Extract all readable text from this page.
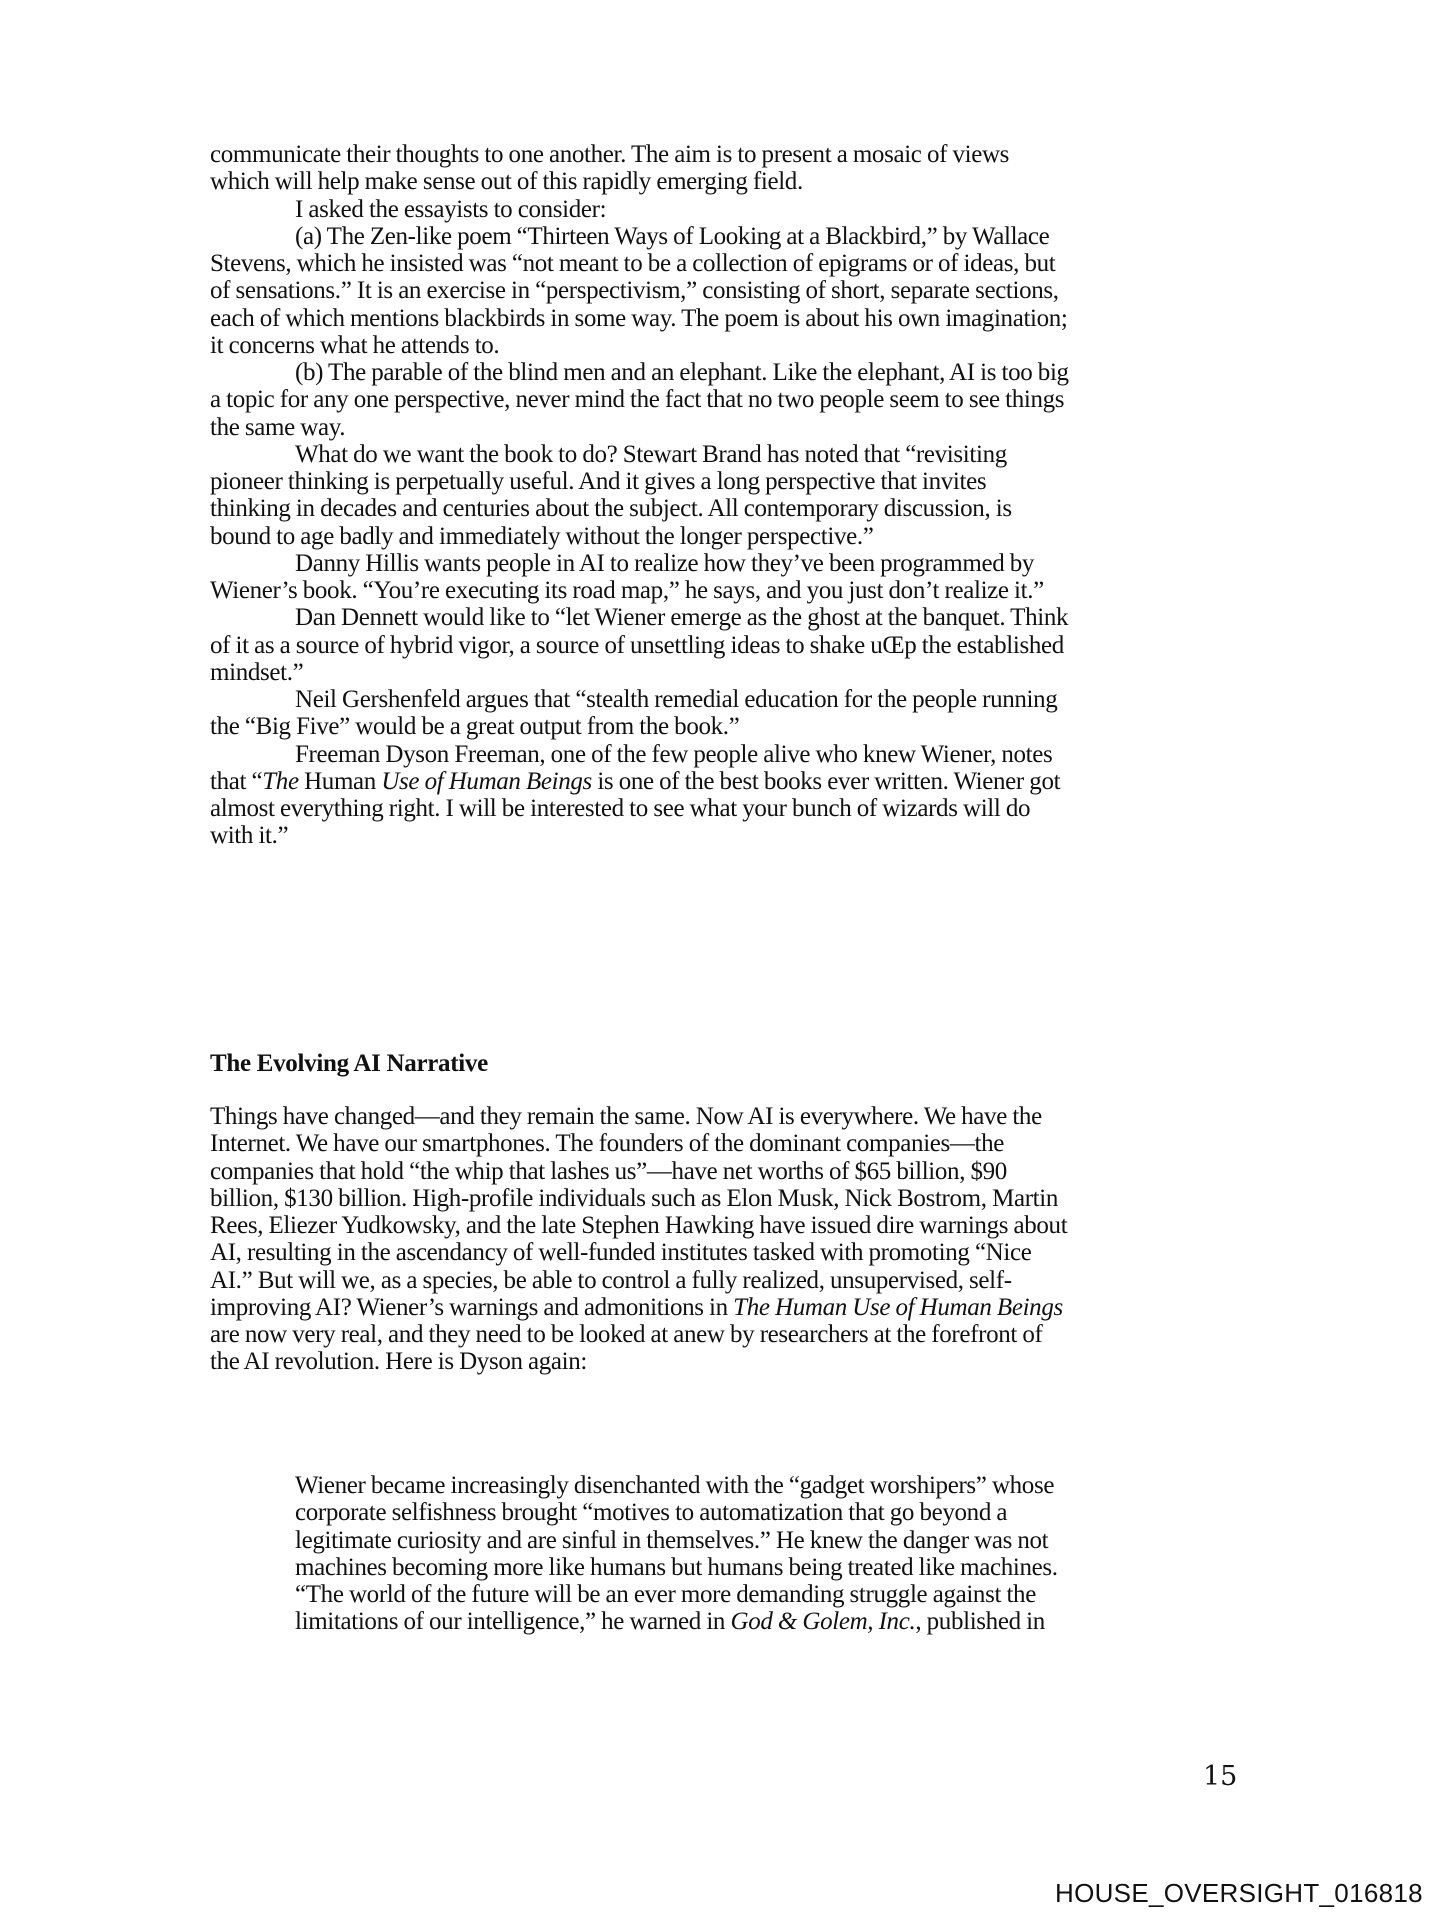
communicate their thoughts to one another. The aim is to present a mosaic of views
which will help make sense out of this rapidly emerging field.
I asked the essayists to consider:
(a) The Zen-like poem “Thirteen Ways of Looking at a Blackbird,” by Wallace
Stevens, which he insisted was “not meant to be a collection of epigrams or of ideas, but
of sensations.” It is an exercise in “perspectivism,” consisting of short, separate sections,
each of which mentions blackbirds in some way. The poem is about his own imagination;
it concerns what he attends to.
(b) The parable of the blind men and an elephant. Like the elephant, AI is too big
a topic for any one perspective, never mind the fact that no two people seem to see things
the same way.
What do we want the book to do? Stewart Brand has noted that “revisiting
pioneer thinking is perpetually useful. And it gives a long perspective that invites
thinking in decades and centuries about the subject. All contemporary discussion, is
bound to age badly and immediately without the longer perspective.”
Danny Hillis wants people in AI to realize how they’ve been programmed by
Wiener’s book. “You’re executing its road map,” he says, and you just don’t realize it.”
Dan Dennett would like to “let Wiener emerge as the ghost at the banquet. Think
of it as a source of hybrid vigor, a source of unsettling ideas to shake uŒp the established
mindset.”
Neil Gershenfeld argues that “stealth remedial education for the people running
the “Big Five” would be a great output from the book.”
Freeman Dyson Freeman, one of the few people alive who knew Wiener, notes
that “The Human Use of Human Beings is one of the best books ever written. Wiener got
almost everything right. I will be interested to see what your bunch of wizards will do
with it.”
The Evolving AI Narrative
Things have changed—and they remain the same. Now AI is everywhere. We have the
Internet. We have our smartphones. The founders of the dominant companies—the
companies that hold “the whip that lashes us”—have net worths of $65 billion, $90
billion, $130 billion. High-profile individuals such as Elon Musk, Nick Bostrom, Martin
Rees, Eliezer Yudkowsky, and the late Stephen Hawking have issued dire warnings about
AI, resulting in the ascendancy of well-funded institutes tasked with promoting “Nice
AI.” But will we, as a species, be able to control a fully realized, unsupervised, self-
improving AI? Wiener’s warnings and admonitions in The Human Use of Human Beings
are now very real, and they need to be looked at anew by researchers at the forefront of
the AI revolution. Here is Dyson again:
Wiener became increasingly disenchanted with the “gadget worshipers” whose
corporate selfishness brought “motives to automatization that go beyond a
legitimate curiosity and are sinful in themselves.” He knew the danger was not
machines becoming more like humans but humans being treated like machines.
“The world of the future will be an ever more demanding struggle against the
limitations of our intelligence,” he warned in God & Golem, Inc., published in
15
HOUSE_OVERSIGHT_016818
